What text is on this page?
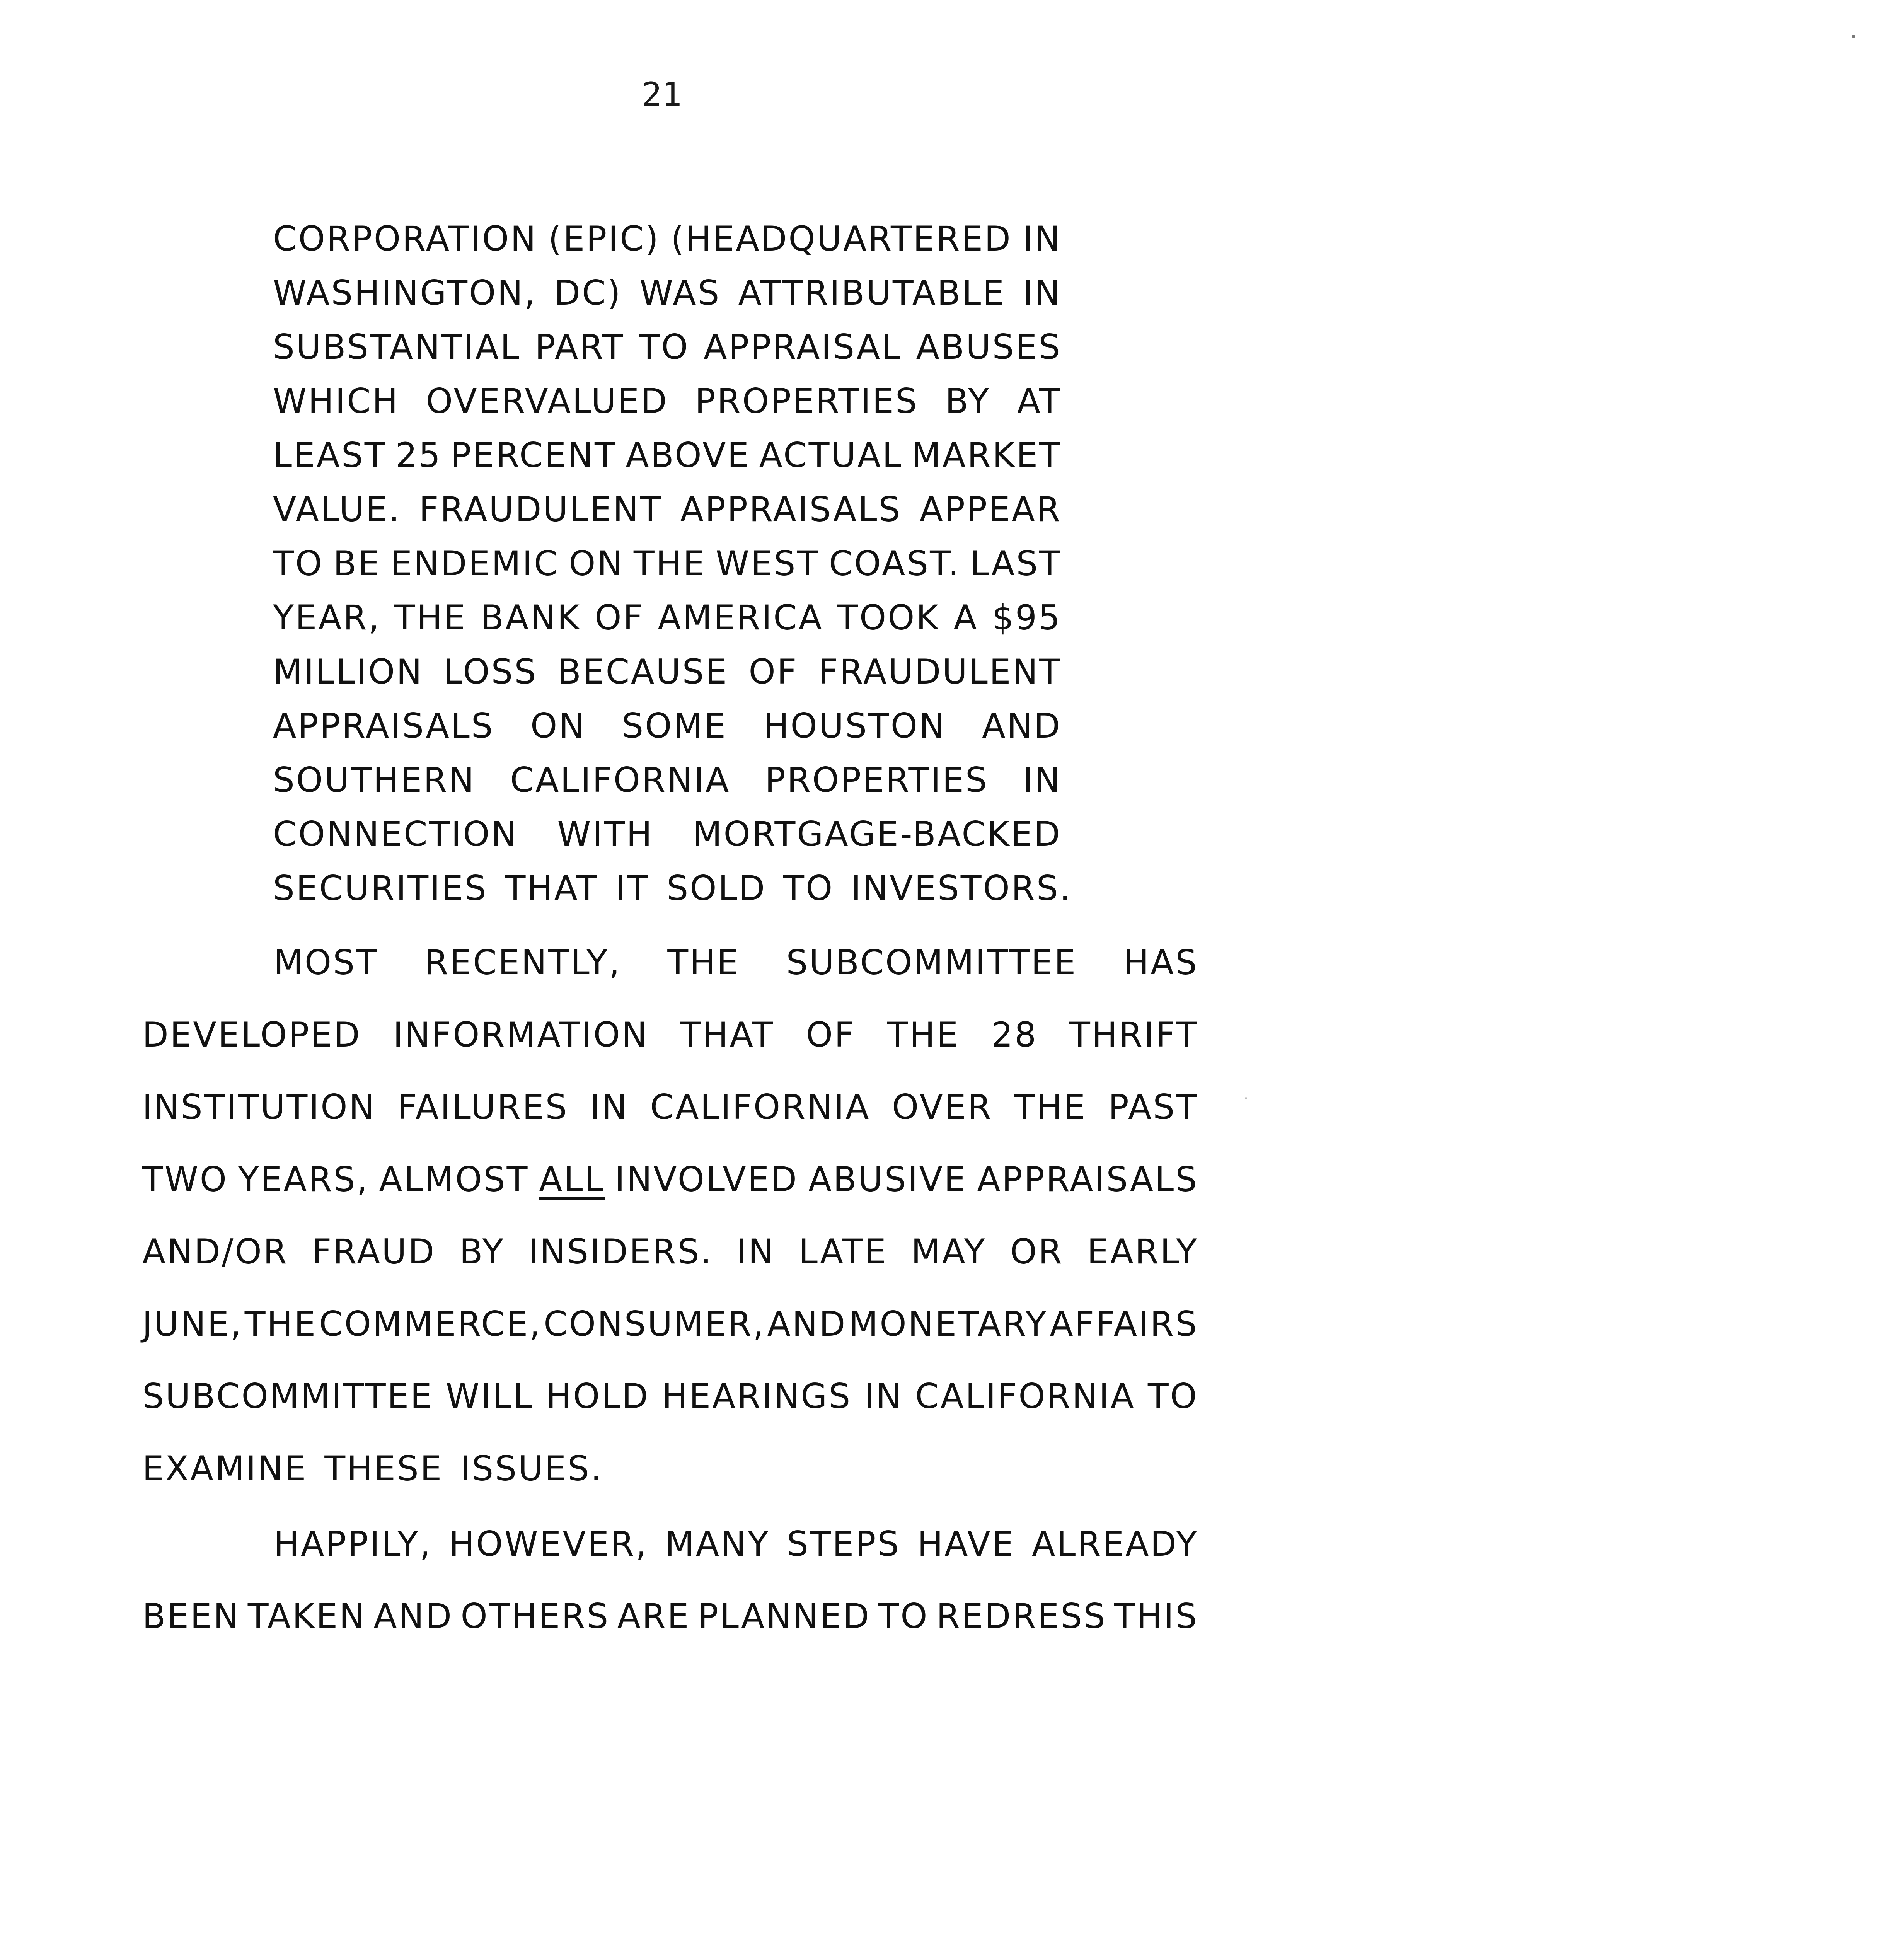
21
CORPORATION (EPIC) (HEADQUARTERED IN
WASHINGTON, DC) WAS ATTRIBUTABLE IN
SUBSTANTIAL PART TO APPRAISAL ABUSES
WHICH OVERVALUED PROPERTIES BY AT
LEAST 25 PERCENT ABOVE ACTUAL MARKET
VALUE. FRAUDULENT APPRAISALS APPEAR
TO BE ENDEMIC ON THE WEST COAST. LAST
YEAR, THE BANK OF AMERICA TOOK A $95
MILLION LOSS BECAUSE OF FRAUDULENT
APPRAISALS ON SOME HOUSTON AND
SOUTHERN CALIFORNIA PROPERTIES IN
CONNECTION WITH MORTGAGE-BACKED
SECURITIES THAT IT SOLD TO INVESTORS.
MOST RECENTLY, THE SUBCOMMITTEE HAS
DEVELOPED INFORMATION THAT OF THE 28 THRIFT
INSTITUTION FAILURES IN CALIFORNIA OVER THE PAST
TWO YEARS, ALMOST ALL INVOLVED ABUSIVE APPRAISALS
AND/OR FRAUD BY INSIDERS. IN LATE MAY OR EARLY
JUNE, THE COMMERCE, CONSUMER, AND MONETARY AFFAIRS
SUBCOMMITTEE WILL HOLD HEARINGS IN CALIFORNIA TO
EXAMINE THESE ISSUES.
HAPPILY, HOWEVER, MANY STEPS HAVE ALREADY
BEEN TAKEN AND OTHERS ARE PLANNED TO REDRESS THIS
